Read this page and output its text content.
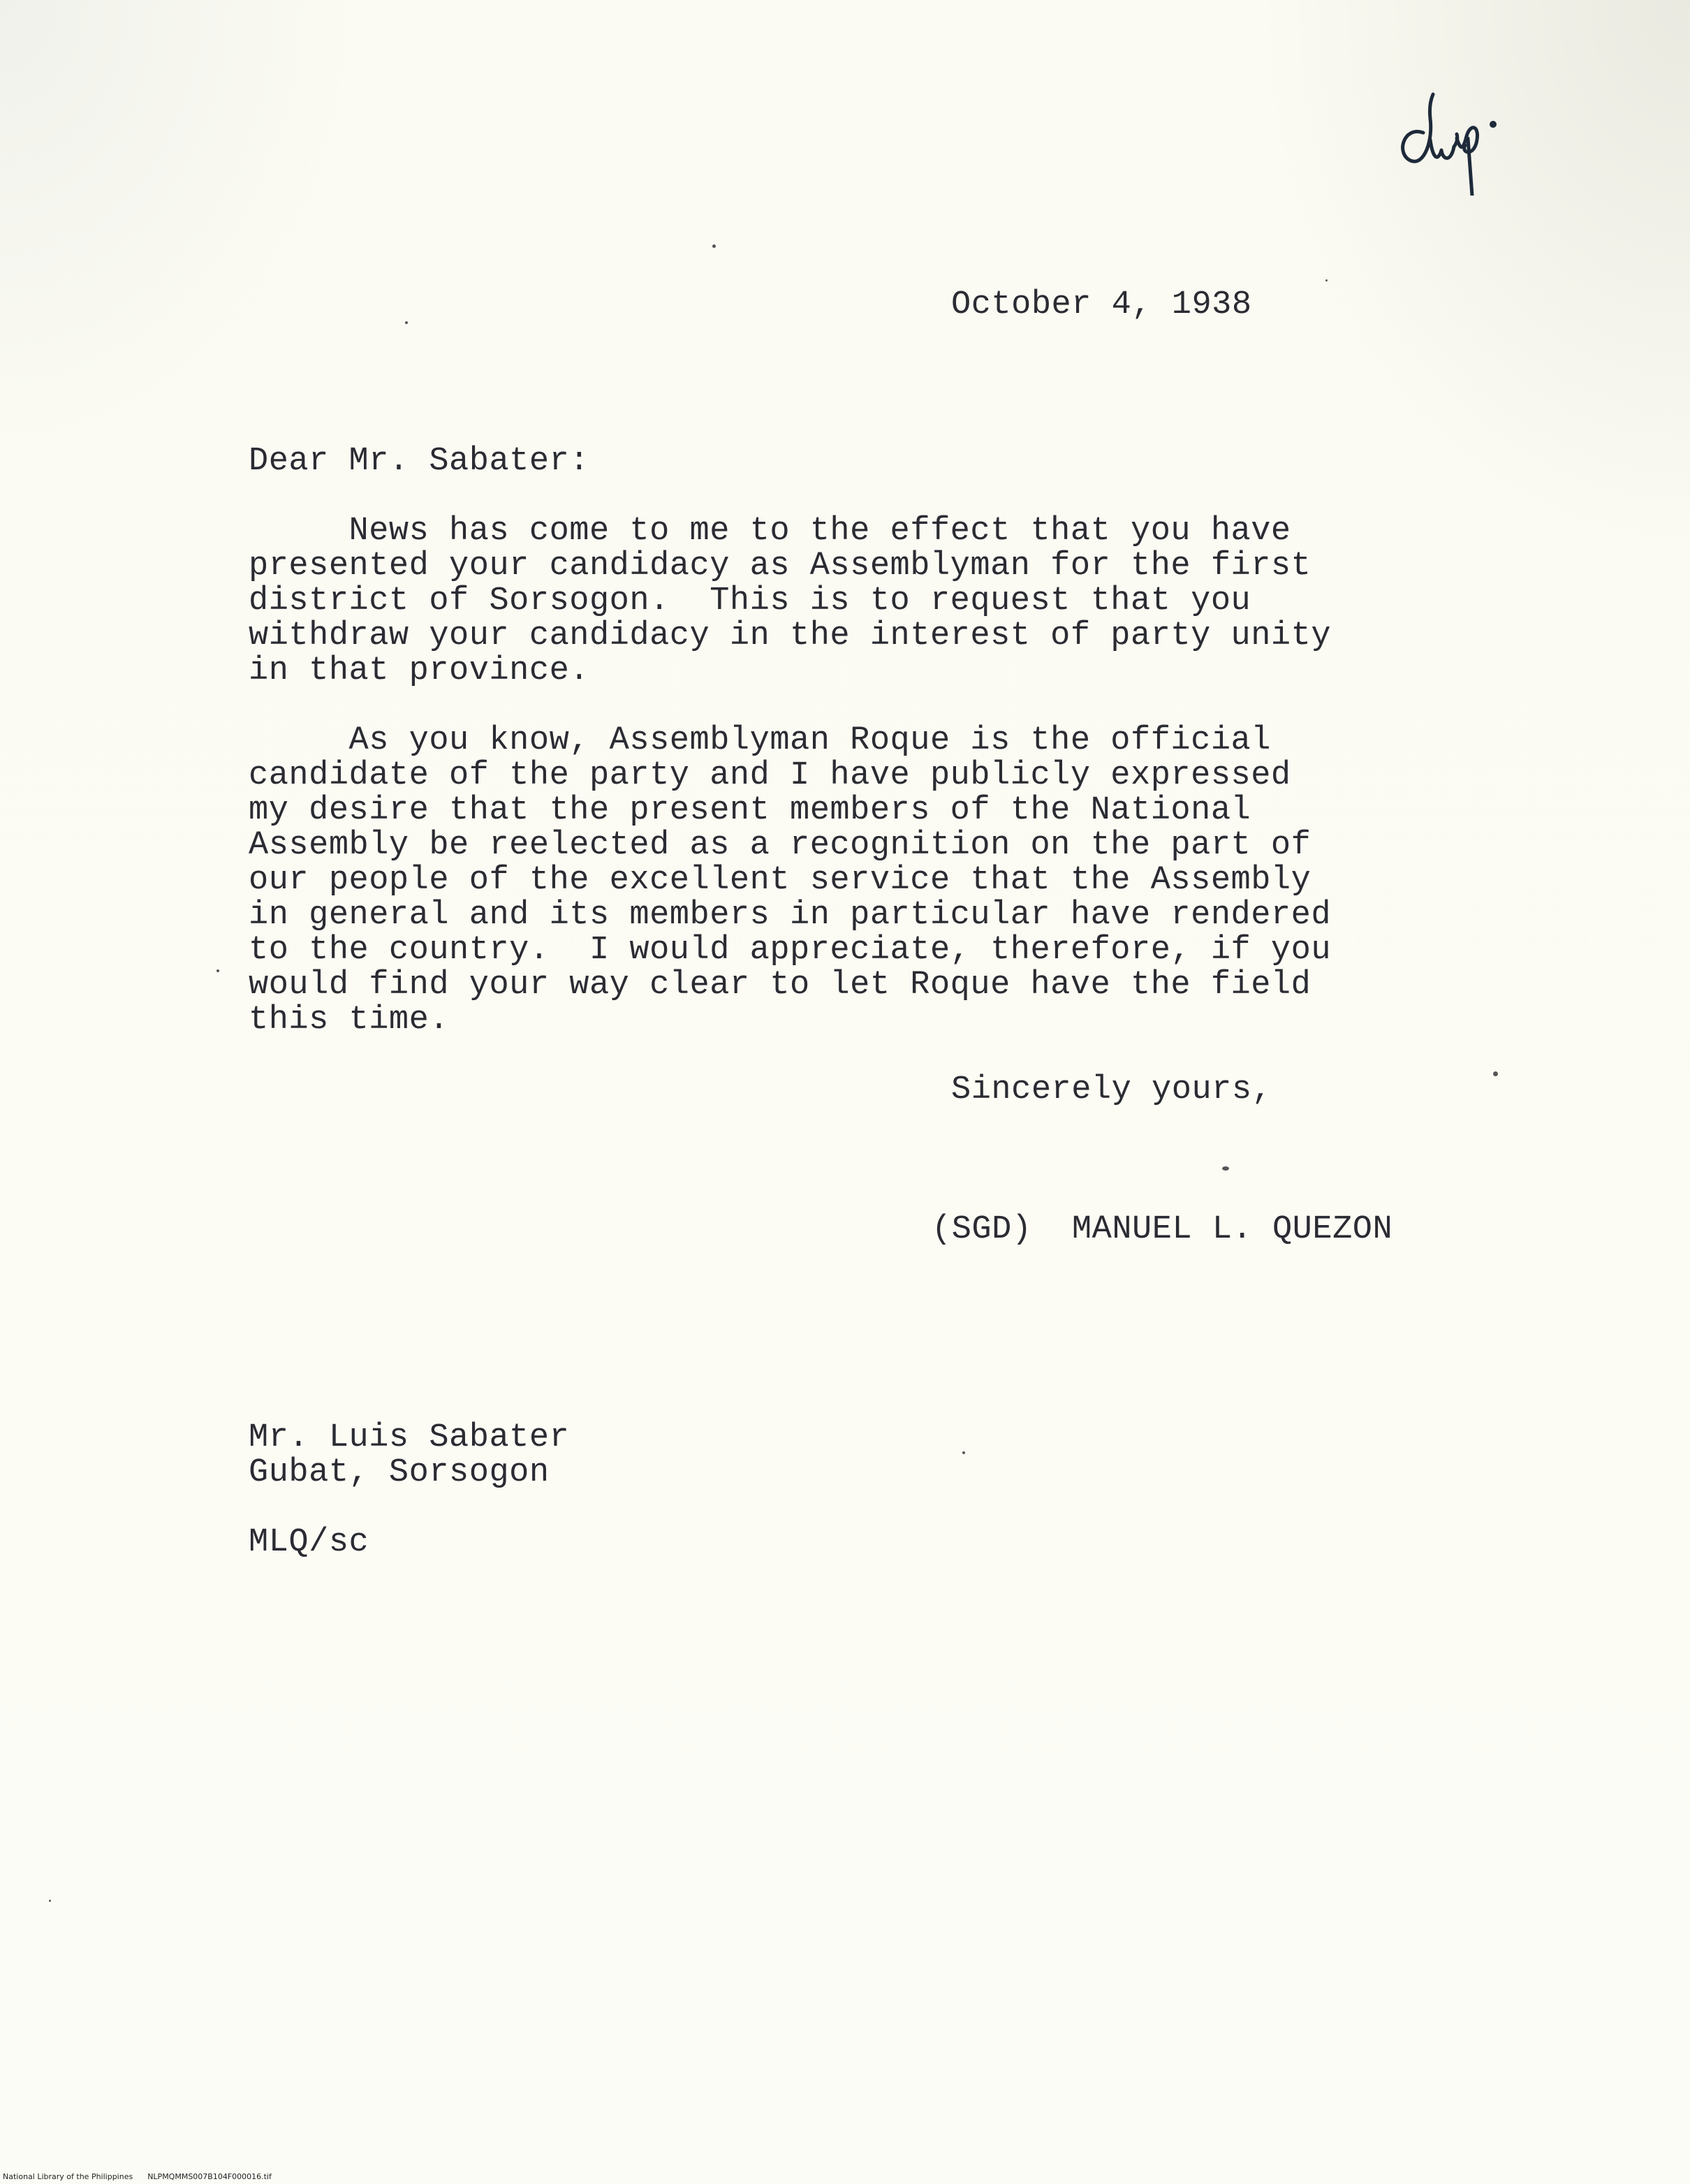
October 4, 1938
Dear Mr. Sabater:
News has come to me to the effect that you have
presented your candidacy as Assemblyman for the first
district of Sorsogon.  This is to request that you
withdraw your candidacy in the interest of party unity
in that province.
As you know, Assemblyman Roque is the official
candidate of the party and I have publicly expressed
my desire that the present members of the National
Assembly be reelected as a recognition on the part of
our people of the excellent service that the Assembly
in general and its members in particular have rendered
to the country.  I would appreciate, therefore, if you
would find your way clear to let Roque have the field
this time.
Sincerely yours,
(SGD)  MANUEL L. QUEZON
Mr. Luis Sabater
Gubat, Sorsogon
MLQ/sc
National Library of the Philippines NLPMQMMS007B104F000016.tif
